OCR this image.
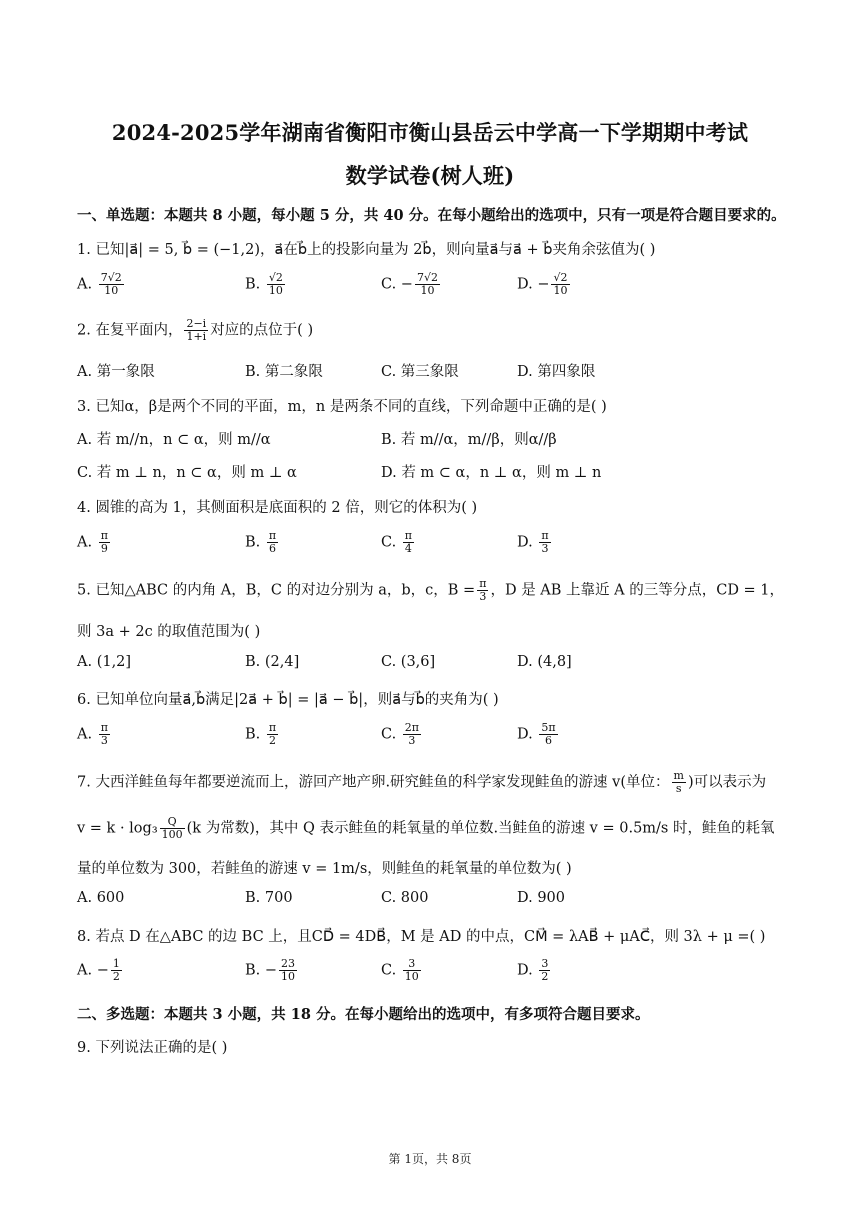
2024-2025学年湖南省衡阳市衡山县岳云中学高一下学期期中考试
数学试卷(树人班)
一、单选题：本题共 8 小题，每小题 5 分，共 40 分。在每小题给出的选项中，只有一项是符合题目要求的。
1. 已知|a⃗| = 5, b⃗ = (−1,2)，a⃗在b⃗上的投影向量为 2b⃗，则向量a⃗与a⃗ + b⃗夹角余弦值为( )
A. $\frac{7√2}{10}$	B. $\frac{√2}{10}$	C. − $\frac{7√2}{10}$	D. − $\frac{√2}{10}$
2. 在复平面内， $\frac{2-i}{1+i}$ 对应的点位于( )
A. 第一象限	B. 第二象限	C. 第三象限	D. 第四象限
3. 已知α，β是两个不同的平面，m，n 是两条不同的直线，下列命题中正确的是( )
A. 若 m//n，n ⊂ α，则 m//α	B. 若 m//α，m//β，则α//β
C. 若 m ⊥ n，n ⊂ α，则 m ⊥ α	D. 若 m ⊂ α，n ⊥ α，则 m ⊥ n
4. 圆锥的高为 1，其侧面积是底面积的 2 倍，则它的体积为( )
A. $\frac{\pi}{9}$	B. $\frac{\pi}{6}$	C. $\frac{\pi}{4}$	D. $\frac{\pi}{3}$
5. 已知△ABC 的内角 A，B，C 的对边分别为 a，b，c，$B = \frac{\pi}{3}$ ，D 是 AB 上靠近 A 的三等分点，CD = 1，
则 3a + 2c 的取值范围为( )
A. (1,2]	B. (2,4]	C. (3,6]	D. (4,8]
6. 已知单位向量a⃗,b⃗满足|2a⃗ + b⃗| = |a⃗ − b⃗|，则a⃗与b⃗的夹角为( )
A. $\frac{\pi}{3}$	B. $\frac{\pi}{2}$	C. $\frac{2\pi}{3}$	D. $\frac{5\pi}{6}$
7. 大西洋鲑鱼每年都要逆流而上，游回产地产卵.研究鲑鱼的科学家发现鲑鱼的游速 v(单位： $\frac{m}{s}$ )可以表示为
$v = k \cdot \log_3 \frac{Q}{100} (k$ 为常数)，其中 Q 表示鲑鱼的耗氧量的单位数.当鲑鱼的游速 v = 0.5m/s 时，鲑鱼的耗氧
量的单位数为 300，若鲑鱼的游速 v = 1m/s，则鲑鱼的耗氧量的单位数为( )
A. 600	B. 700	C. 800	D. 900
8. 若点 D 在△ABC 的边 BC 上，且CD⃗ = 4DB⃗，M 是 AD 的中点，CM⃗ = λAB⃗ + μAC⃗，则 3λ + μ =( )
A. − $\frac{1}{2}$	B. − $\frac{23}{10}$	C. $\frac{3}{10}$	D. $\frac{3}{2}$
二、多选题：本题共 3 小题，共 18 分。在每小题给出的选项中，有多项符合题目要求。
9. 下列说法正确的是( )
第 1页，共 8页
